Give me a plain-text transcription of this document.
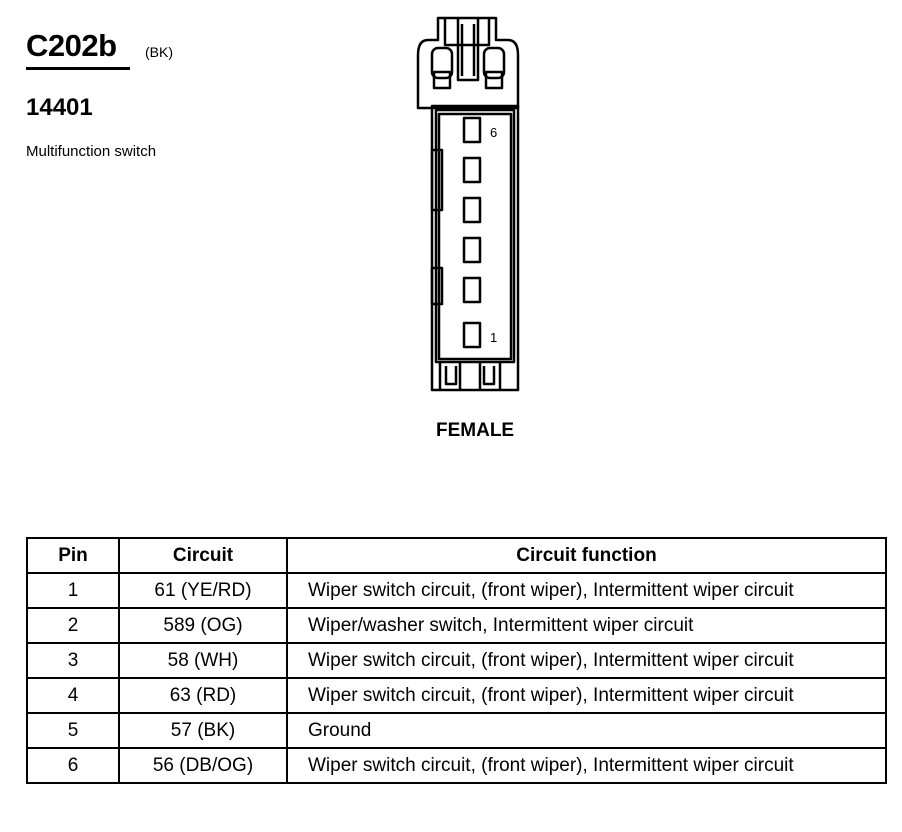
C202b (BK)
14401
Multifunction switch
6
1
FEMALE
Pin	Circuit	Circuit function
1	61 (YE/RD)	Wiper switch circuit, (front wiper), Intermittent wiper circuit
2	589 (OG)	Wiper/washer switch, Intermittent wiper circuit
3	58 (WH)	Wiper switch circuit, (front wiper), Intermittent wiper circuit
4	63 (RD)	Wiper switch circuit, (front wiper), Intermittent wiper circuit
5	57 (BK)	Ground
6	56 (DB/OG)	Wiper switch circuit, (front wiper), Intermittent wiper circuit
